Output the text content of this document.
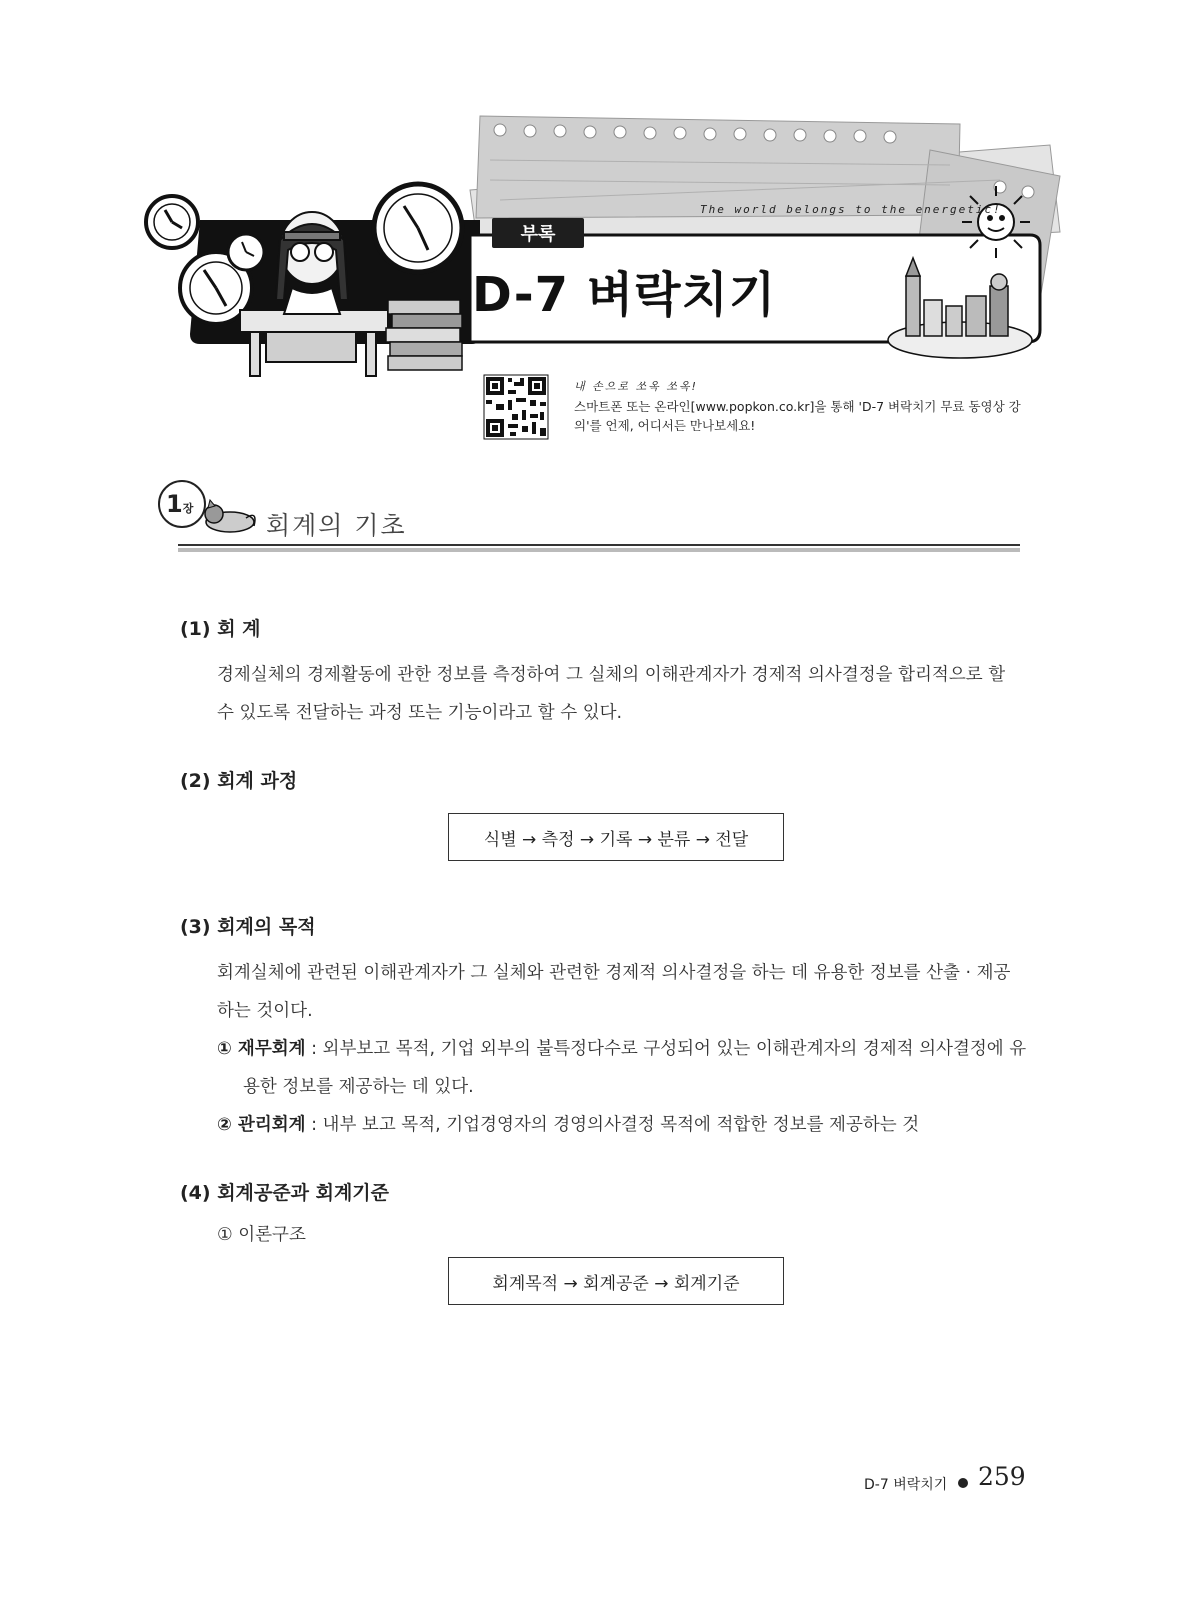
부록
The world belongs to the energetic!
D-7 벼락치기
내 손으로 쏘옥 쏘옥!
스마트폰 또는 온라인[www.popkon.co.kr]을 통해 'D-7 벼락치기 무료 동영상 강의'를 언제, 어디서든 만나보세요!
1장
회계의 기초
(1) 회 계
경제실체의 경제활동에 관한 정보를 측정하여 그 실체의 이해관계자가 경제적 의사결정을 합리적으로 할 수 있도록 전달하는 과정 또는 기능이라고 할 수 있다.
(2) 회계 과정
식별 → 측정 → 기록 → 분류 → 전달
(3) 회계의 목적
회계실체에 관련된 이해관계자가 그 실체와 관련한 경제적 의사결정을 하는 데 유용한 정보를 산출 · 제공하는 것이다.
① 재무회계 : 외부보고 목적, 기업 외부의 불특정다수로 구성되어 있는 이해관계자의 경제적 의사결정에 유용한 정보를 제공하는 데 있다.
② 관리회계 : 내부 보고 목적, 기업경영자의 경영의사결정 목적에 적합한 정보를 제공하는 것
(4) 회계공준과 회계기준
① 이론구조
회계목적 → 회계공준 → 회계기준
D-7 벼락치기 259
